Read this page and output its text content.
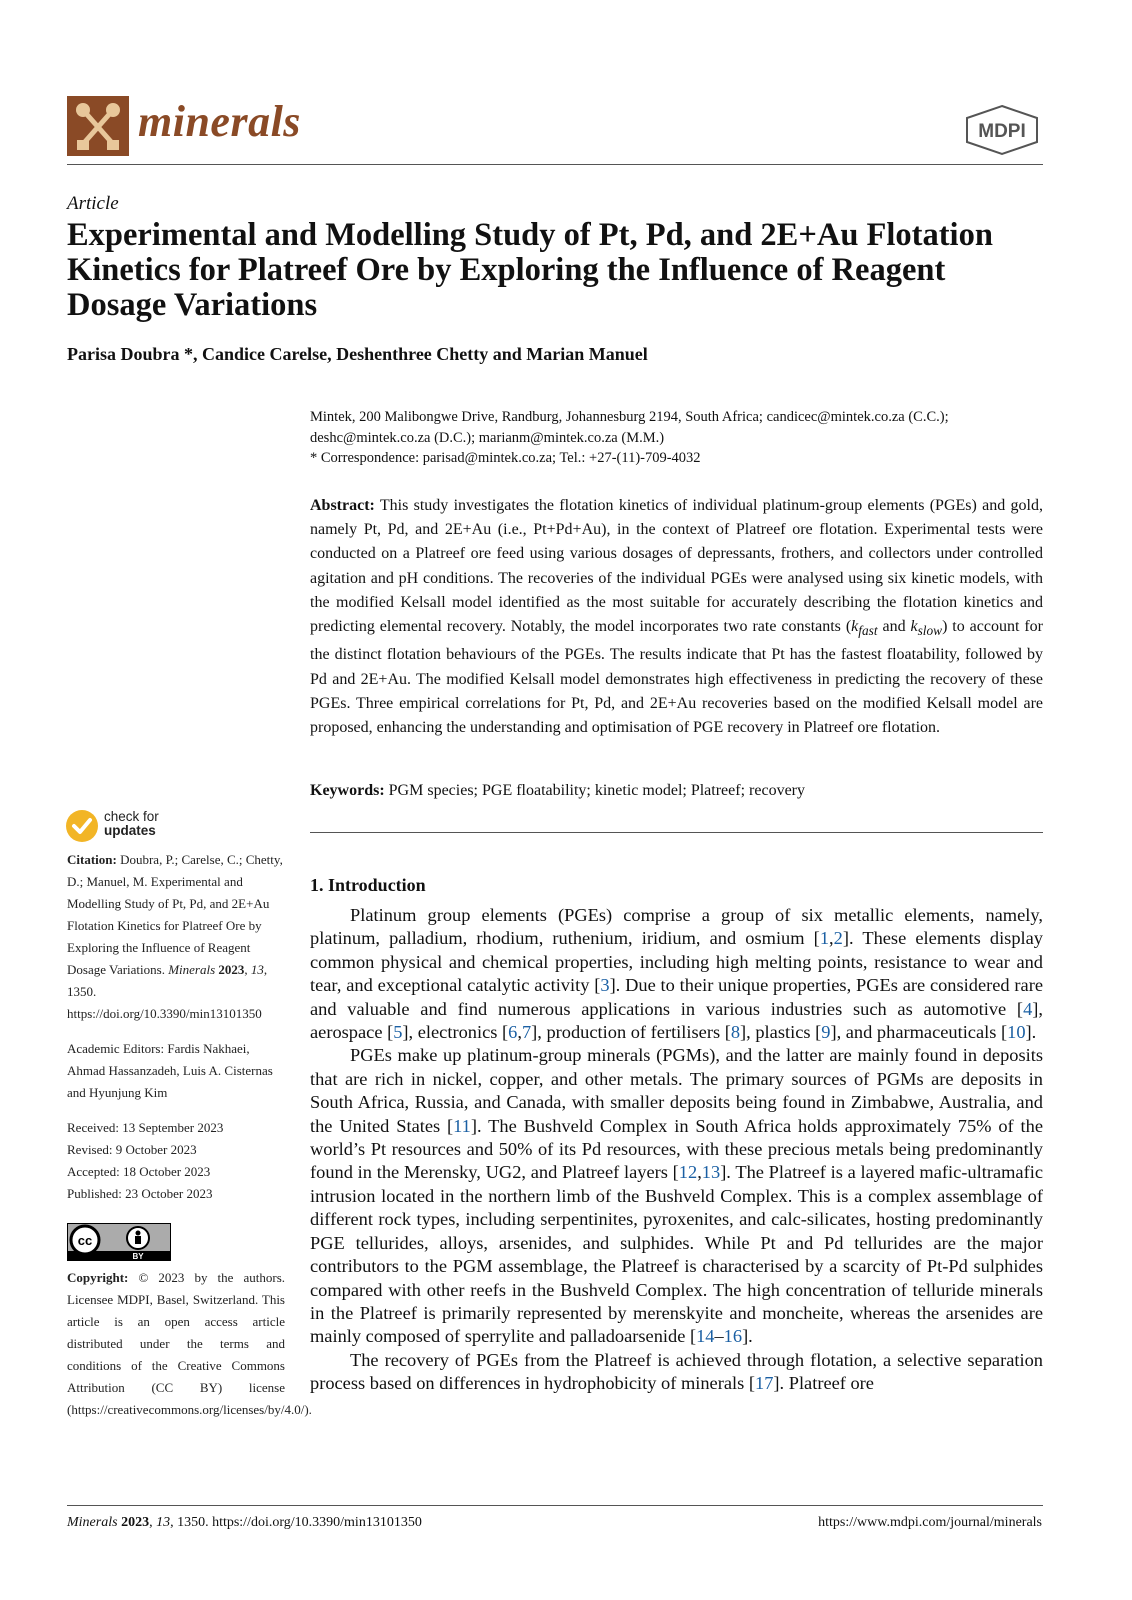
minerals	MDPI
Article
Experimental and Modelling Study of Pt, Pd, and 2E+Au Flotation Kinetics for Platreef Ore by Exploring the Influence of Reagent Dosage Variations
Parisa Doubra *, Candice Carelse, Deshenthree Chetty and Marian Manuel

Mintek, 200 Malibongwe Drive, Randburg, Johannesburg 2194, South Africa; candicec@mintek.co.za (C.C.);

deshc@mintek.co.za (D.C.); marianm@mintek.co.za (M.M.)

* Correspondence: parisad@mintek.co.za; Tel.: +27-(11)-709-4032

Abstract: This study investigates the flotation kinetics of individual platinum-group elements (PGEs) and gold, namely Pt, Pd, and 2E+Au (i.e., Pt+Pd+Au), in the context of Platreef ore flotation. Experimental tests were conducted on a Platreef ore feed using various dosages of depressants, frothers, and collectors under controlled agitation and pH conditions. The recoveries of the individual PGEs were analysed using six kinetic models, with the modified Kelsall model identified as the most suitable for accurately describing the flotation kinetics and predicting elemental recovery. Notably, the model incorporates two rate constants ($k_{fast}$ and $k_{slow}$) to account for the distinct flotation behaviours of the PGEs. The results indicate that Pt has the fastest floatability, followed by Pd and 2E+Au. The modified Kelsall model demonstrates high effectiveness in predicting the recovery of these PGEs. Three empirical correlations for Pt, Pd, and 2E+Au recoveries based on the modified Kelsall model are proposed, enhancing the understanding and optimisation of PGE recovery in Platreef ore flotation.
Keywords: PGM species; PGE floatability; kinetic model; Platreef; recovery
1. Introduction

Platinum group elements (PGEs) comprise a group of six metallic elements, namely, platinum, palladium, rhodium, ruthenium, iridium, and osmium [1,2]. These elements display common physical and chemical properties, including high melting points, resistance to wear and tear, and exceptional catalytic activity [3]. Due to their unique properties, PGEs are considered rare and valuable and find numerous applications in various industries such as automotive [4], aerospace [5], electronics [6,7], production of fertilisers [8], plastics [9], and pharmaceuticals [10].

PGEs make up platinum-group minerals (PGMs), and the latter are mainly found in deposits that are rich in nickel, copper, and other metals. The primary sources of PGMs are deposits in South Africa, Russia, and Canada, with smaller deposits being found in Zimbabwe, Australia, and the United States [11]. The Bushveld Complex in South Africa holds approximately 75% of the world’s Pt resources and 50% of its Pd resources, with these precious metals being predominantly found in the Merensky, UG2, and Platreef layers [12,13]. The Platreef is a layered mafic-ultramafic intrusion located in the northern limb of the Bushveld Complex. This is a complex assemblage of different rock types, including serpentinites, pyroxenites, and calc-silicates, hosting predominantly PGE tellurides, alloys, arsenides, and sulphides. While Pt and Pd tellurides are the major contributors to the PGM assemblage, the Platreef is characterised by a scarcity of Pt-Pd sulphides compared with other reefs in the Bushveld Complex. The high concentration of telluride minerals in the Platreef is primarily represented by merenskyite and moncheite, whereas the arsenides are mainly composed of sperrylite and palladoarsenide [14–16].

The recovery of PGEs from the Platreef is achieved through flotation, a selective separation process based on differences in hydrophobicity of minerals [17]. Platreef ore

check for
updates

Citation: Doubra, P.; Carelse, C.; Chetty, D.; Manuel, M. Experimental and Modelling Study of Pt, Pd, and 2E+Au Flotation Kinetics for Platreef Ore by Exploring the Influence of Reagent Dosage Variations. Minerals 2023, 13, 1350. https://doi.org/10.3390/min13101350

Academic Editors: Fardis Nakhaei, Ahmad Hassanzadeh, Luis A. Cisternas and Hyunjung Kim

Received: 13 September 2023

Revised: 9 October 2023

Accepted: 18 October 2023

Published: 23 October 2023

cc
BY

Copyright: © 2023 by the authors. Licensee MDPI, Basel, Switzerland. This article is an open access article distributed under the terms and conditions of the Creative Commons Attribution (CC BY) license (https://creativecommons.org/licenses/by/4.0/).

Minerals 2023, 13, 1350. https://doi.org/10.3390/min13101350	https://www.mdpi.com/journal/minerals
